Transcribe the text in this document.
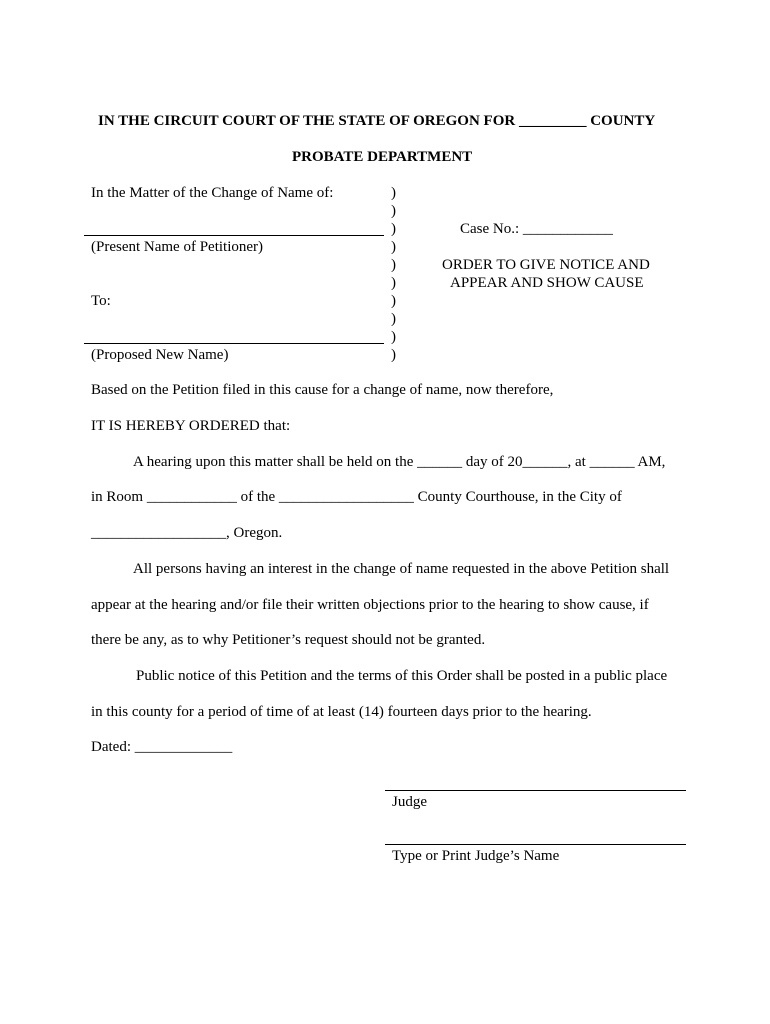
IN THE CIRCUIT COURT OF THE STATE OF OREGON FOR _________ COUNTY
PROBATE DEPARTMENT
In the Matter of the Change of Name of:
(Present Name of Petitioner)
To:
(Proposed New Name)
)
)
)
)
)
)
)
)
)
)
Case No.: ____________
ORDER TO GIVE NOTICE AND
APPEAR AND SHOW CAUSE
Based on the Petition filed in this cause for a change of name, now therefore,
IT IS HEREBY ORDERED that:
A hearing upon this matter shall be held on the ______ day of 20______, at ______ AM,
in Room ____________ of the __________________ County Courthouse, in the City of
__________________, Oregon.
All persons having an interest in the change of name requested in the above Petition shall
appear at the hearing and/or file their written objections prior to the hearing to show cause, if
there be any, as to why Petitioner’s request should not be granted.
Public notice of this Petition and the terms of this Order shall be posted in a public place
in this county for a period of time of at least (14) fourteen days prior to the hearing.
Dated: _____________
Judge
Type or Print Judge’s Name
